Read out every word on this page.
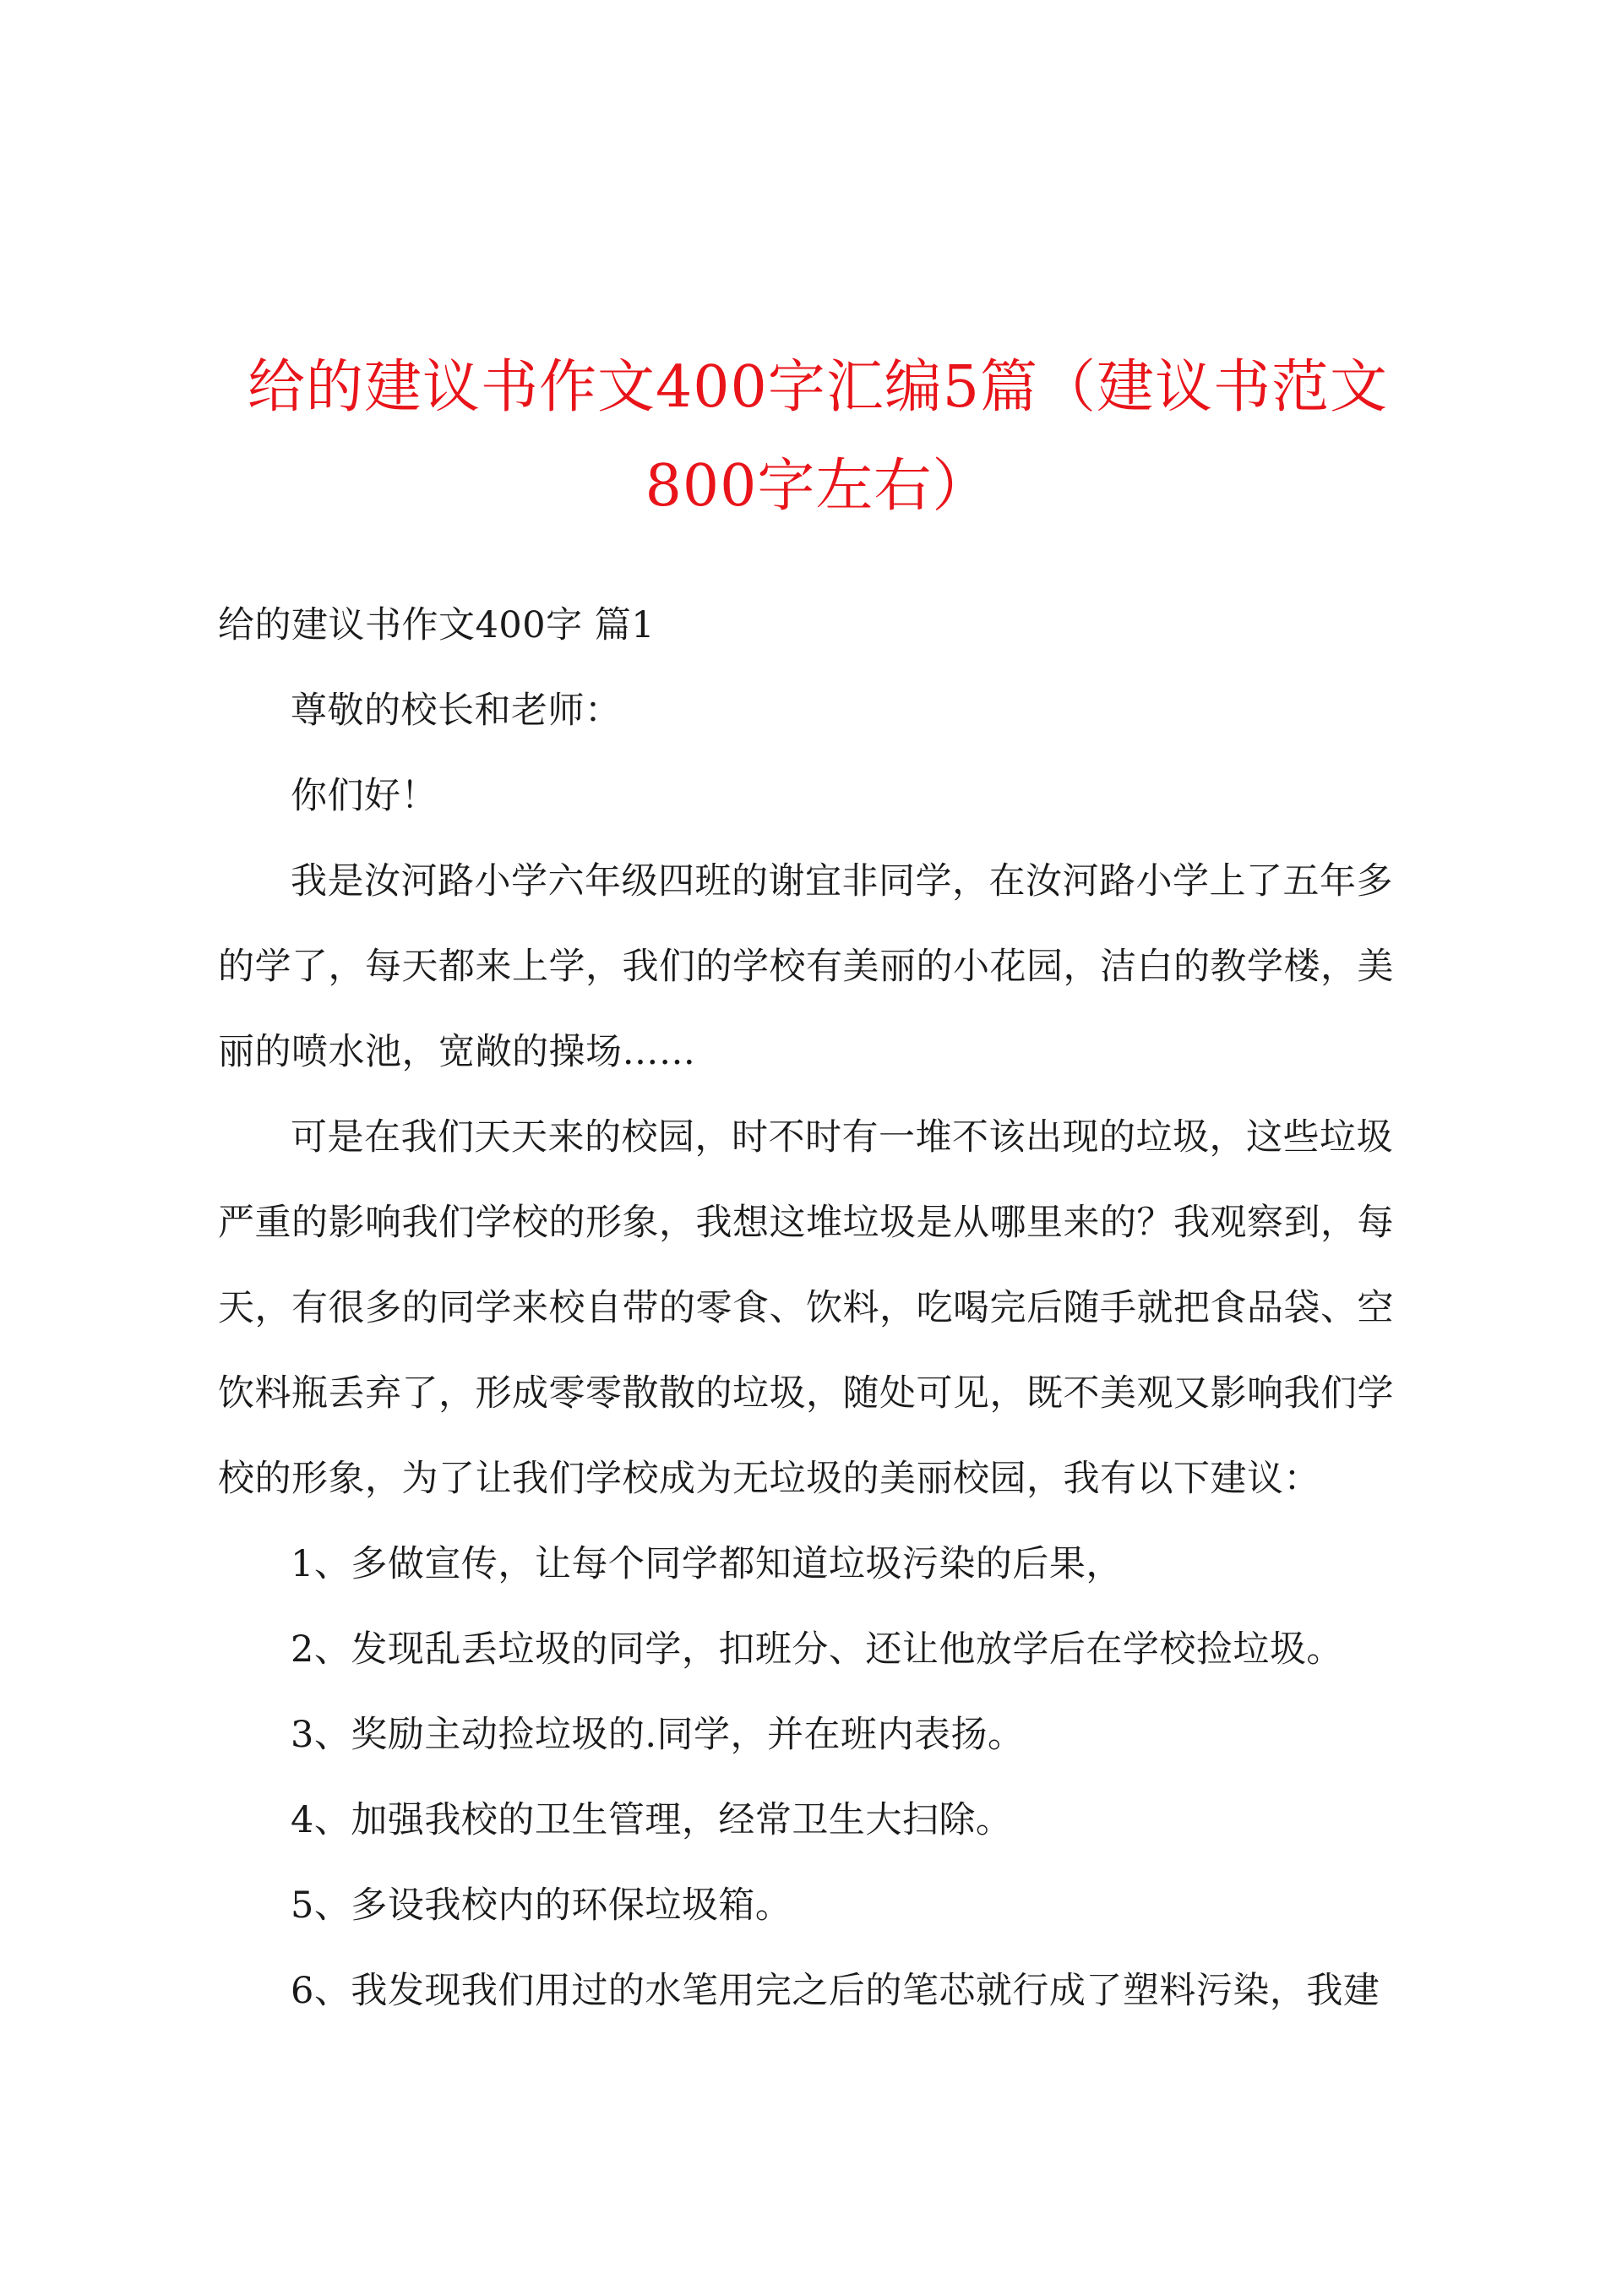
给的建议书作文400字汇编5篇（建议书范文
800字左右）

给的建议书作文400字 篇1

尊敬的校长和老师：

你们好！

我是汝河路小学六年级四班的谢宜非同学，在汝河路小学上了五年多
的学了，每天都来上学，我们的学校有美丽的小花园，洁白的教学楼，美
丽的喷水池，宽敞的操场……

可是在我们天天来的校园，时不时有一堆不该出现的垃圾，这些垃圾
严重的影响我们学校的形象，我想这堆垃圾是从哪里来的？我观察到，每
天，有很多的同学来校自带的零食、饮料，吃喝完后随手就把食品袋、空
饮料瓶丢弃了，形成零零散散的垃圾，随处可见，既不美观又影响我们学
校的形象，为了让我们学校成为无垃圾的美丽校园，我有以下建议：

1、多做宣传，让每个同学都知道垃圾污染的后果，

2、发现乱丢垃圾的同学，扣班分、还让他放学后在学校捡垃圾。

3、奖励主动捡垃圾的.同学，并在班内表扬。

4、加强我校的卫生管理，经常卫生大扫除。

5、多设我校内的环保垃圾箱。

6、我发现我们用过的水笔用完之后的笔芯就行成了塑料污染，我建
